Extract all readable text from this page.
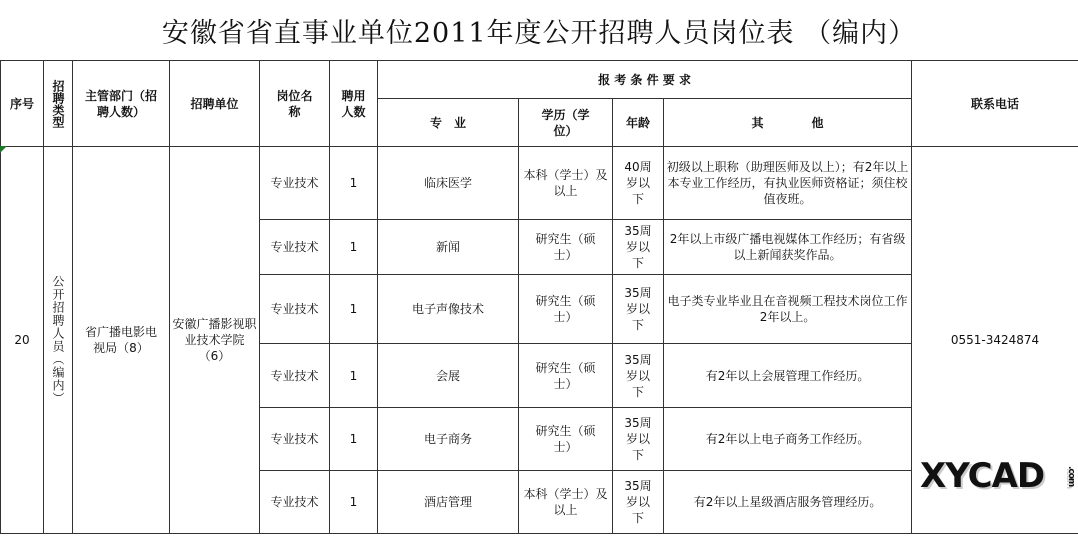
安徽省省直事业单位2011年度公开招聘人员岗位表 （编内）
序号	招聘类型	主管部门（招聘人数）	招聘单位	岗位名称	聘用人数	报 考 条 件 要 求				联系电话
						专　业	学历（学位）	年龄	其　　　　他	
20	公开招聘人员（编内）	省广播电影电视局（8）	安徽广播影视职业技术学院（6）	专业技术	1	临床医学	本科（学士）及以上	40周岁以下	初级以上职称（助理医师及以上）；有2年以上本专业工作经历，有执业医师资格证；须住校值夜班。	0551-3424874
				专业技术	1	新闻	研究生（硕士）	35周岁以下	2年以上市级广播电视媒体工作经历；有省级以上新闻获奖作品。	
				专业技术	1	电子声像技术	研究生（硕士）	35周岁以下	电子类专业毕业且在音视频工程技术岗位工作2年以上。	
				专业技术	1	会展	研究生（硕士）	35周岁以下	有2年以上会展管理工作经历。	
				专业技术	1	电子商务	研究生（硕士）	35周岁以下	有2年以上电子商务工作经历。	
				专业技术	1	酒店管理	本科（学士）及以上	35周岁以下	有2年以上星级酒店服务管理经历。	
XYCAD .com
